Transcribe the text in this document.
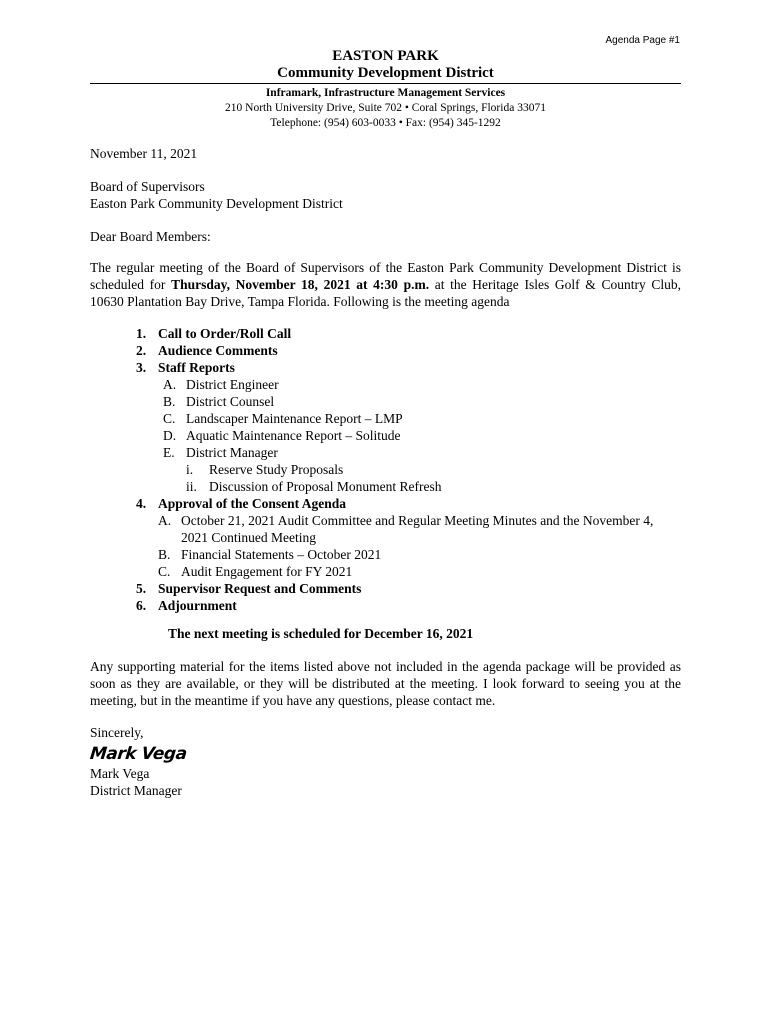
Agenda Page #1
EASTON PARK
Community Development District
Inframark, Infrastructure Management Services
210 North University Drive, Suite 702 • Coral Springs, Florida 33071
Telephone: (954) 603-0033 • Fax: (954) 345-1292
November 11, 2021
Board of Supervisors
Easton Park Community Development District
Dear Board Members:
The regular meeting of the Board of Supervisors of the Easton Park Community Development District is scheduled for Thursday, November 18, 2021 at 4:30 p.m. at the Heritage Isles Golf & Country Club, 10630 Plantation Bay Drive, Tampa Florida. Following is the meeting agenda
1. Call to Order/Roll Call
2. Audience Comments
3. Staff Reports
A. District Engineer
B. District Counsel
C. Landscaper Maintenance Report – LMP
D. Aquatic Maintenance Report – Solitude
E. District Manager
i.	Reserve Study Proposals
ii. Discussion of Proposal Monument Refresh
4. Approval of the Consent Agenda
A. October 21, 2021 Audit Committee and Regular Meeting Minutes and the November 4, 2021 Continued Meeting
B. Financial Statements – October 2021
C. Audit Engagement for FY 2021
5. Supervisor Request and Comments
6. Adjournment
The next meeting is scheduled for December 16, 2021
Any supporting material for the items listed above not included in the agenda package will be provided as soon as they are available, or they will be distributed at the meeting. I look forward to seeing you at the meeting, but in the meantime if you have any questions, please contact me.
Sincerely,
Mark Vega
Mark Vega
District Manager
